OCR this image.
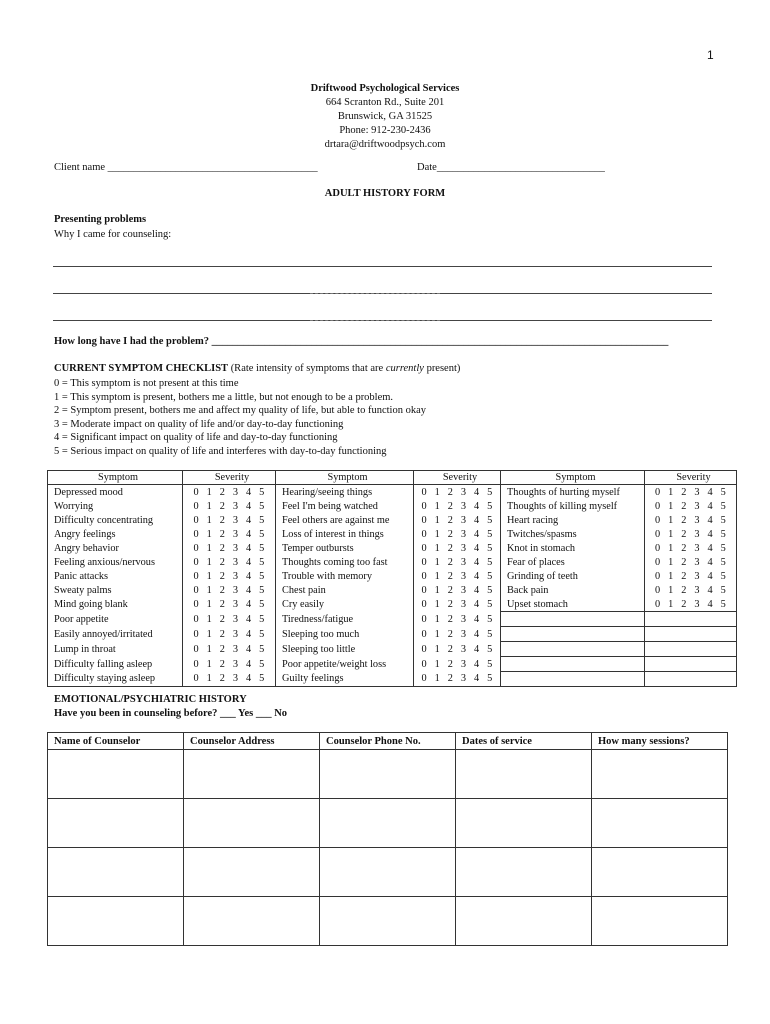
1
Driftwood Psychological Services
664 Scranton Rd., Suite 201
Brunswick, GA 31525
Phone: 912-230-2436
drtara@driftwoodpsych.com
Client name ________________________________________	Date________________________________
ADULT HISTORY FORM
Presenting problems
Why I came for counseling:
How long have I had the problem? _______________________________________________________________________________________
CURRENT SYMPTOM CHECKLIST (Rate intensity of symptoms that are currently present)
0 = This symptom is not present at this time
1 = This symptom is present, bothers me a little, but not enough to be a problem.
2 = Symptom present, bothers me and affect my quality of life, but able to function okay
3 = Moderate impact on quality of life and/or day-to-day functioning
4 = Significant impact on quality of life and day-to-day functioning
5 = Serious impact on quality of life and interferes with day-to-day functioning
Symptom	Severity	Symptom	Severity	Symptom	Severity
Depressed mood	0 1 2 3 4 5	Hearing/seeing things	0 1 2 3 4 5	Thoughts of hurting myself	0 1 2 3 4 5
Worrying	0 1 2 3 4 5	Feel I'm being watched	0 1 2 3 4 5	Thoughts of killing myself	0 1 2 3 4 5
Difficulty concentrating	0 1 2 3 4 5	Feel others are against me	0 1 2 3 4 5	Heart racing	0 1 2 3 4 5
Angry feelings	0 1 2 3 4 5	Loss of interest in things	0 1 2 3 4 5	Twitches/spasms	0 1 2 3 4 5
Angry behavior	0 1 2 3 4 5	Temper outbursts	0 1 2 3 4 5	Knot in stomach	0 1 2 3 4 5
Feeling anxious/nervous	0 1 2 3 4 5	Thoughts coming too fast	0 1 2 3 4 5	Fear of places	0 1 2 3 4 5
Panic attacks	0 1 2 3 4 5	Trouble with memory	0 1 2 3 4 5	Grinding of teeth	0 1 2 3 4 5
Sweaty palms	0 1 2 3 4 5	Chest pain	0 1 2 3 4 5	Back pain	0 1 2 3 4 5
Mind going blank	0 1 2 3 4 5	Cry easily	0 1 2 3 4 5	Upset stomach	0 1 2 3 4 5
Poor appetite	0 1 2 3 4 5	Tiredness/fatigue	0 1 2 3 4 5		
Easily annoyed/irritated	0 1 2 3 4 5	Sleeping too much	0 1 2 3 4 5		
Lump in throat	0 1 2 3 4 5	Sleeping too little	0 1 2 3 4 5		
Difficulty falling asleep	0 1 2 3 4 5	Poor appetite/weight loss	0 1 2 3 4 5		
Difficulty staying asleep	0 1 2 3 4 5	Guilty feelings	0 1 2 3 4 5		
EMOTIONAL/PSYCHIATRIC HISTORY
Have you been in counseling before? ___ Yes ___ No
Name of Counselor	Counselor Address	Counselor Phone No.	Dates of service	How many sessions?
